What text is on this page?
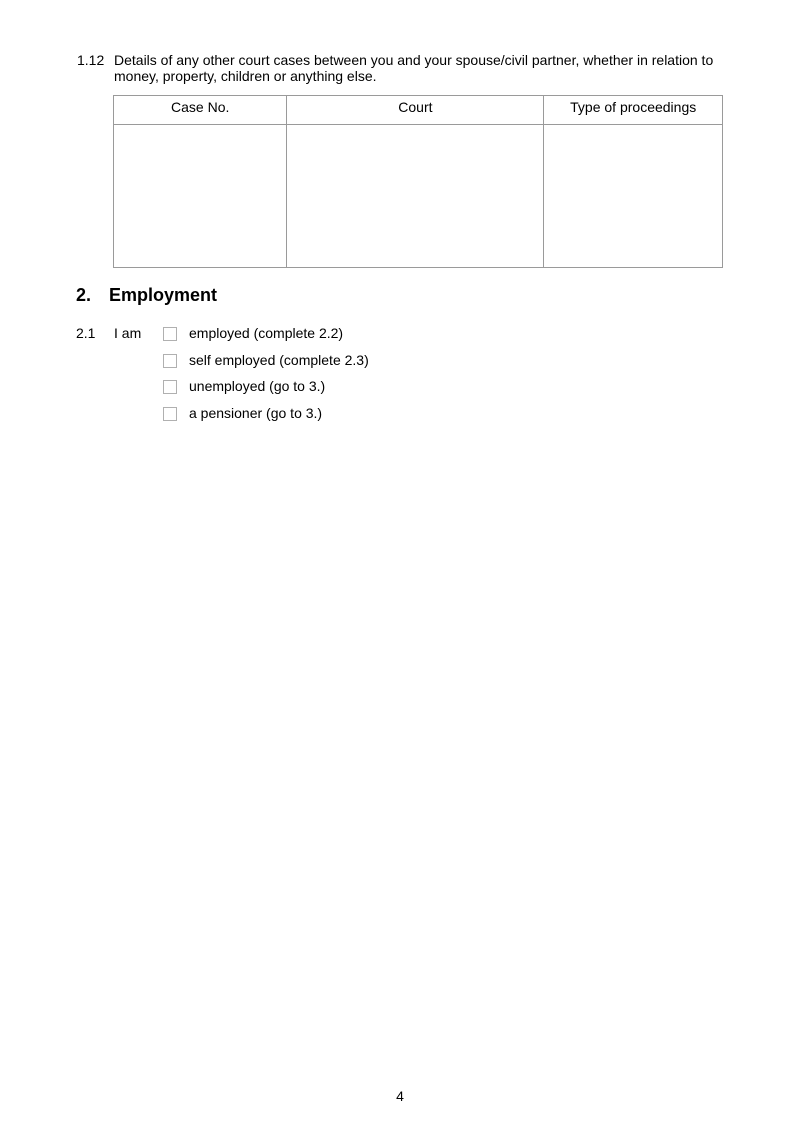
1.12 Details of any other court cases between you and your spouse/civil partner, whether in relation to money, property, children or anything else.
Case No.	Court	Type of proceedings

2. Employment
2.1 I am	employed (complete 2.2)
self employed (complete 2.3)
unemployed (go to 3.)
a pensioner (go to 3.)
4
